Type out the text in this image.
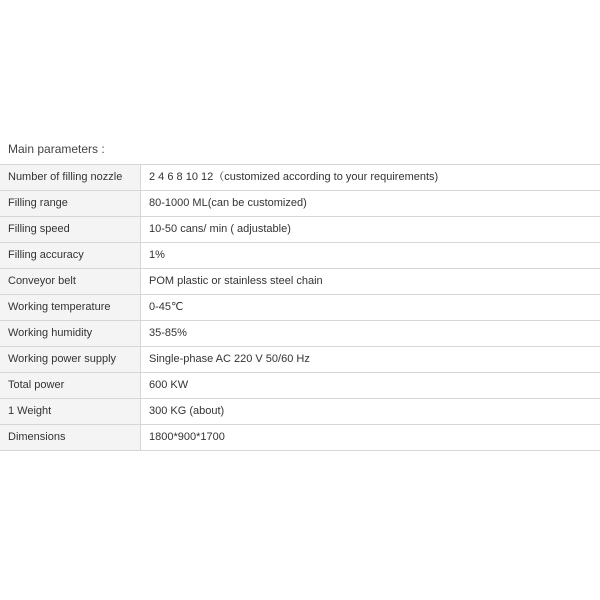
Main parameters :
Number of filling nozzle	2 4 6 8 10 12（customized according to your requirements)
Filling range	80-1000 ML(can be customized)
Filling speed	10-50 cans/ min ( adjustable)
Filling accuracy	1%
Conveyor belt	POM plastic or stainless steel chain
Working temperature	0-45℃
Working humidity	35-85%
Working power supply	Single-phase AC 220 V 50/60 Hz
Total power	600 KW
1 Weight	300 KG (about)
Dimensions	1800*900*1700
